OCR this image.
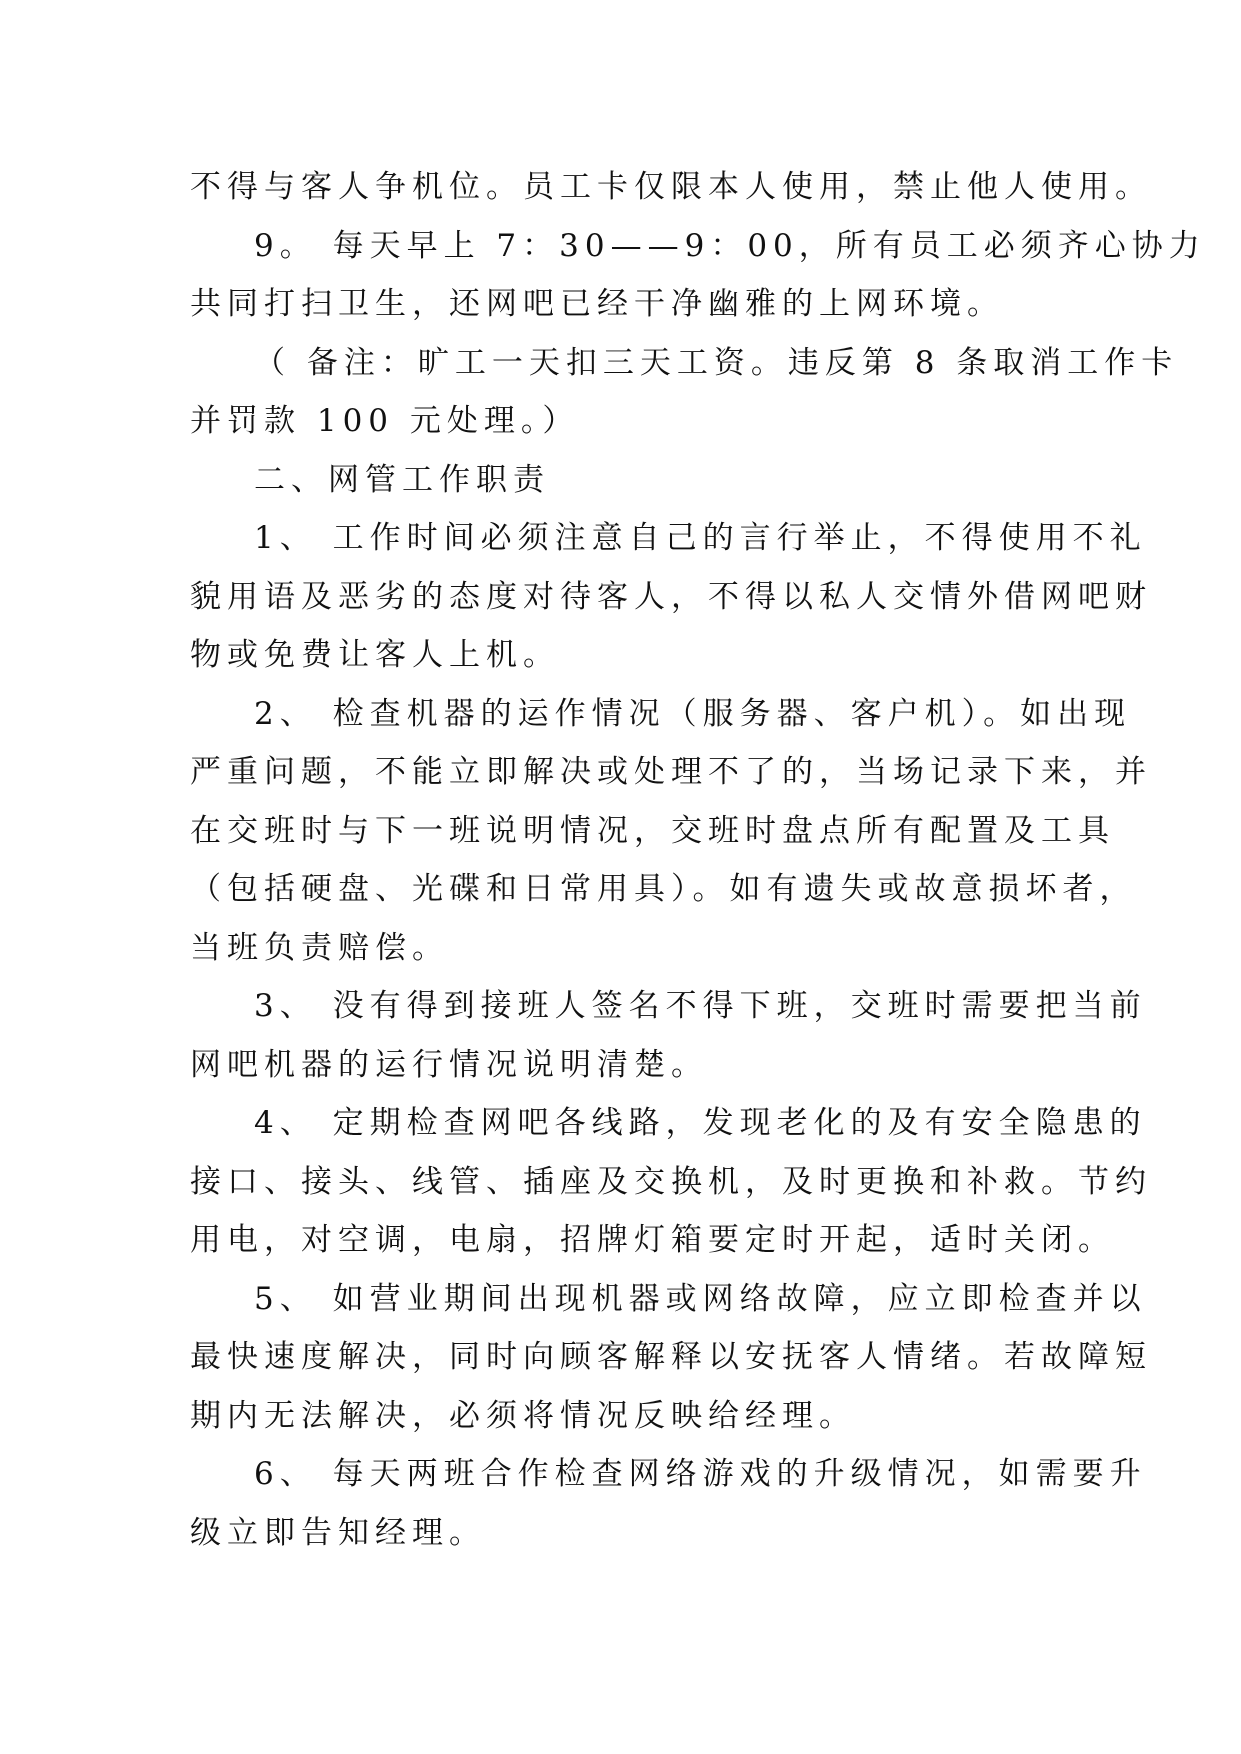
不得与客人争机位。员工卡仅限本人使用，禁止他人使用。
9。 每天早上 7：30——9：00，所有员工必须齐心协力
共同打扫卫生，还网吧已经干净幽雅的上网环境。
（ 备注：旷工一天扣三天工资。违反第 8 条取消工作卡
并罚款 100 元处理。）
二、网管工作职责
1、 工作时间必须注意自己的言行举止，不得使用不礼
貌用语及恶劣的态度对待客人，不得以私人交情外借网吧财
物或免费让客人上机。
2、 检查机器的运作情况（服务器、客户机）。如出现
严重问题，不能立即解决或处理不了的，当场记录下来，并
在交班时与下一班说明情况，交班时盘点所有配置及工具
（包括硬盘、光碟和日常用具）。如有遗失或故意损坏者，
当班负责赔偿。
3、 没有得到接班人签名不得下班，交班时需要把当前
网吧机器的运行情况说明清楚。
4、 定期检查网吧各线路，发现老化的及有安全隐患的
接口、接头、线管、插座及交换机，及时更换和补救。节约
用电，对空调，电扇，招牌灯箱要定时开起，适时关闭。
5、 如营业期间出现机器或网络故障，应立即检查并以
最快速度解决，同时向顾客解释以安抚客人情绪。若故障短
期内无法解决，必须将情况反映给经理。
6、 每天两班合作检查网络游戏的升级情况，如需要升
级立即告知经理。
